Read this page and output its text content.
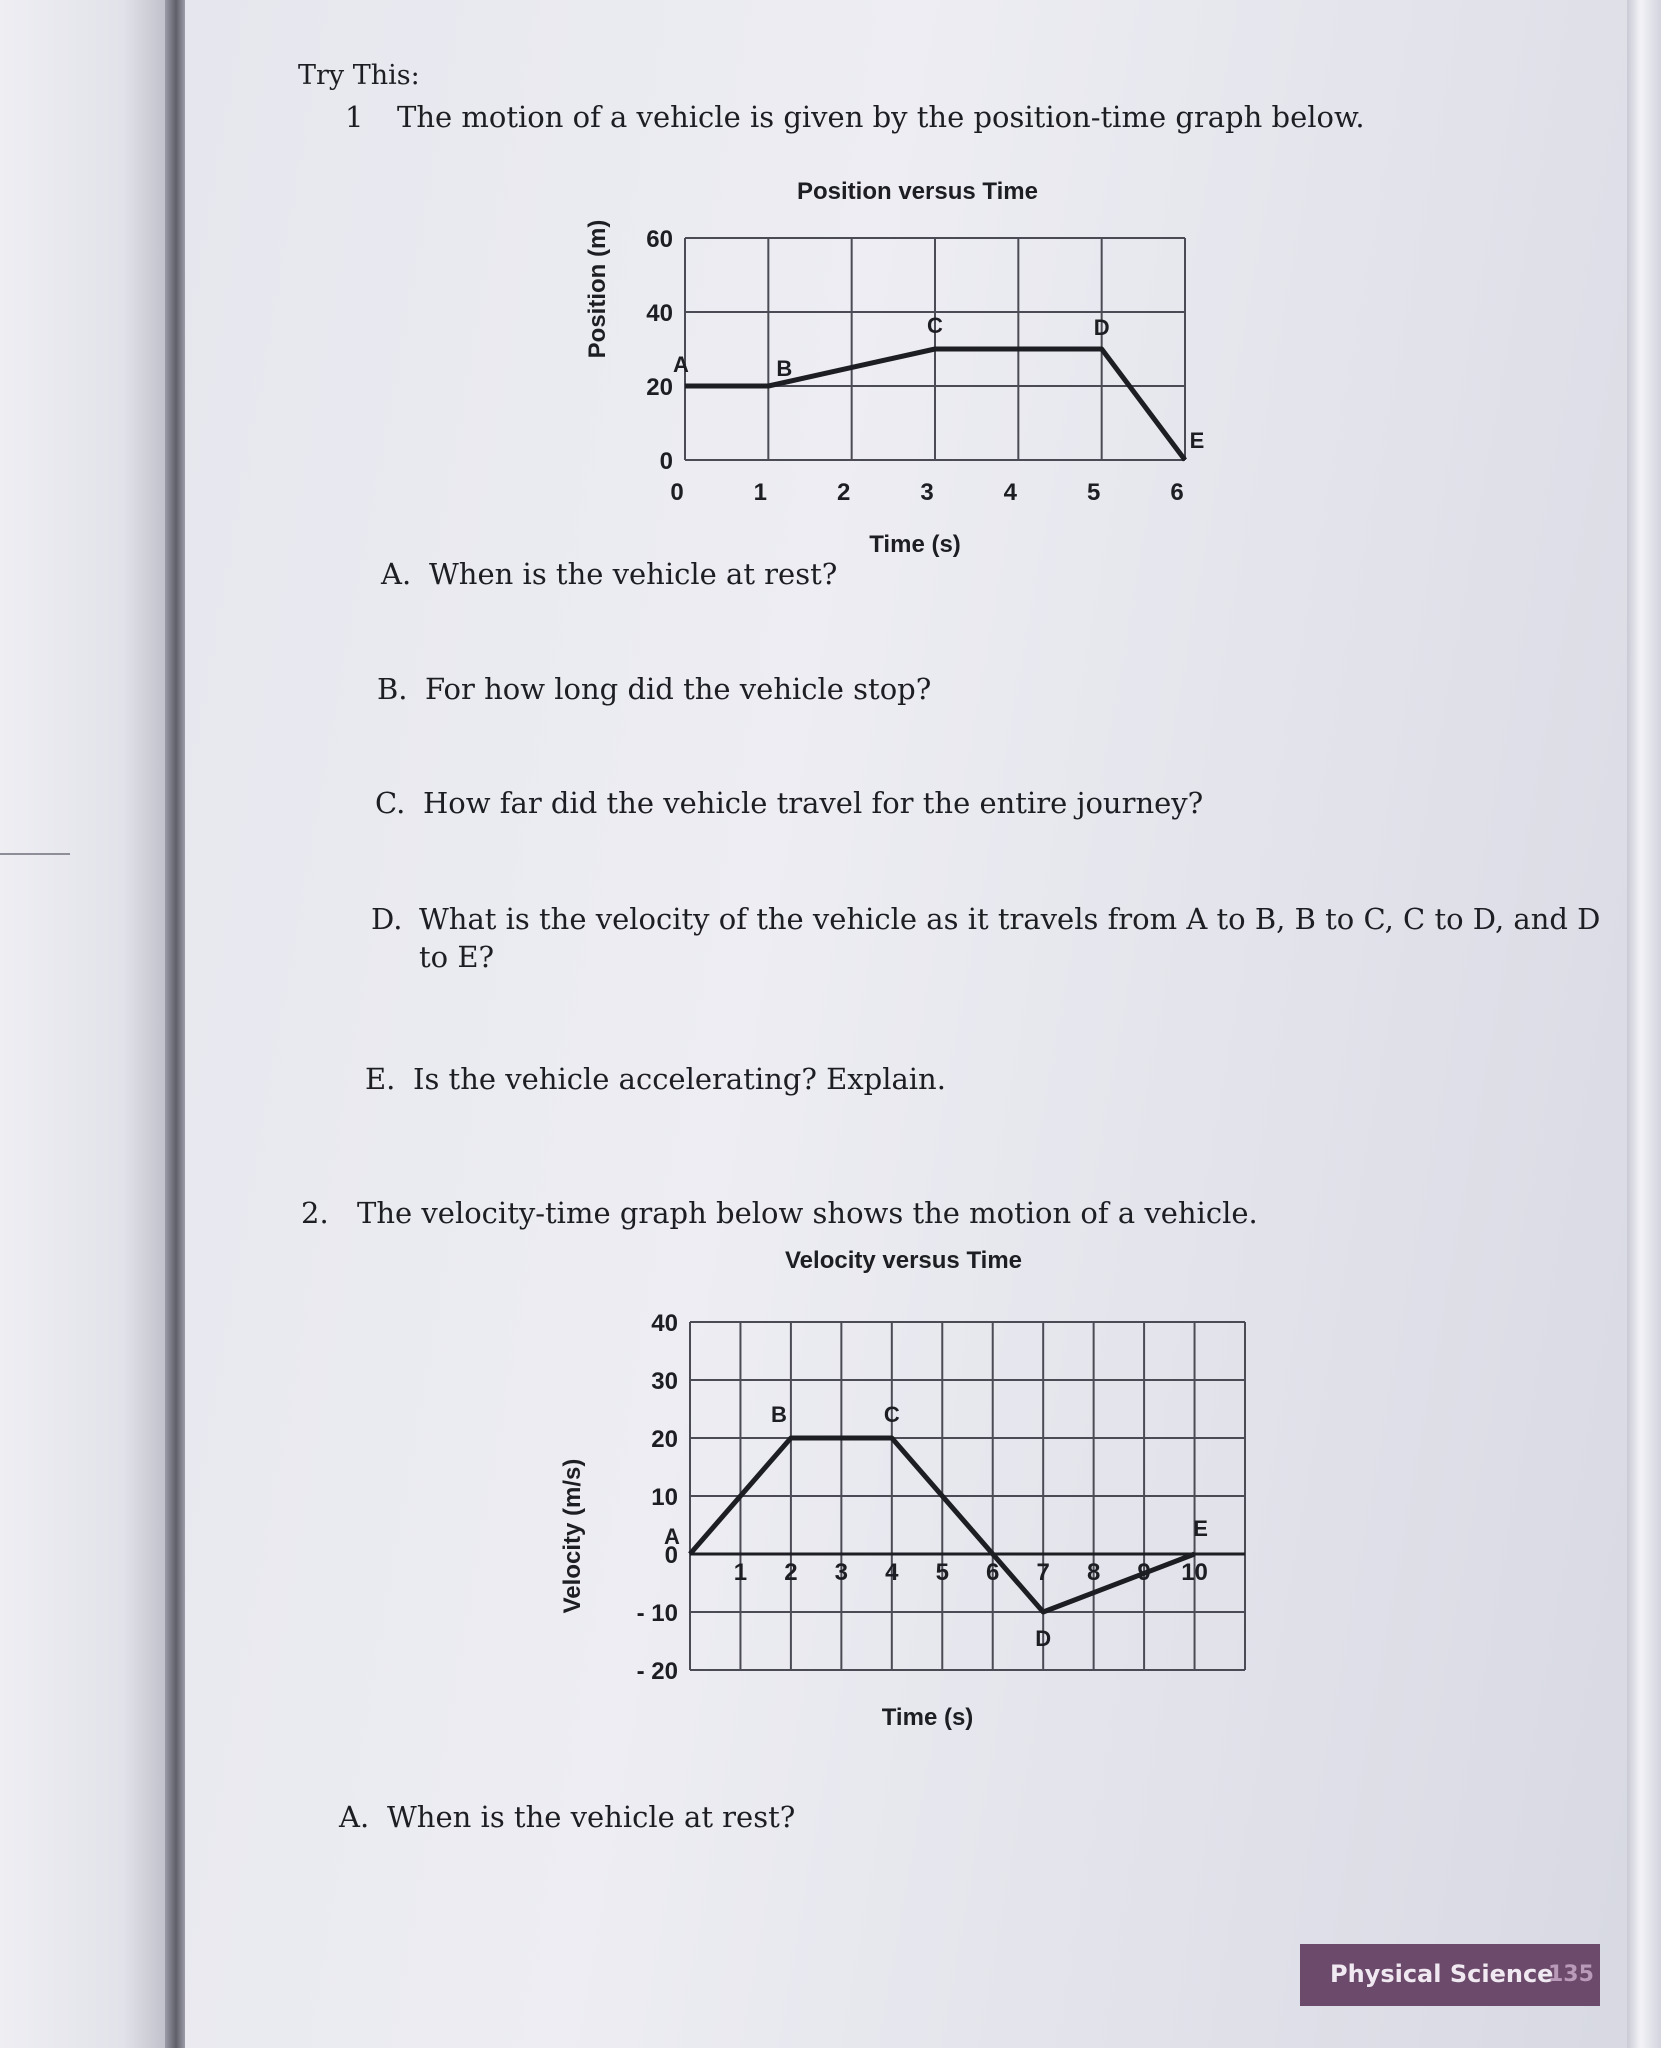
Try This:
1 The motion of a vehicle is given by the position-time graph below.
Position versus Time
0
20
40
60
0	1	2	3	4	5	6
Time (s)
Position (m)
A	B
C	D
E
A. When is the vehicle at rest?
B. For how long did the vehicle stop?
C. How far did the vehicle travel for the entire journey?
D. What is the velocity of the vehicle as it travels from A to B, B to C, C to D, and D
to E?
E. Is the vehicle accelerating? Explain.
2. The velocity-time graph below shows the motion of a vehicle.
Velocity versus Time
40
30
20
10
0
- 10
- 20
1 2 3 4 5 6 7 8 9 10
Time (s)
Velocity (m/s)	A
B	C
D
E
A. When is the vehicle at rest?
Physical Science
135
